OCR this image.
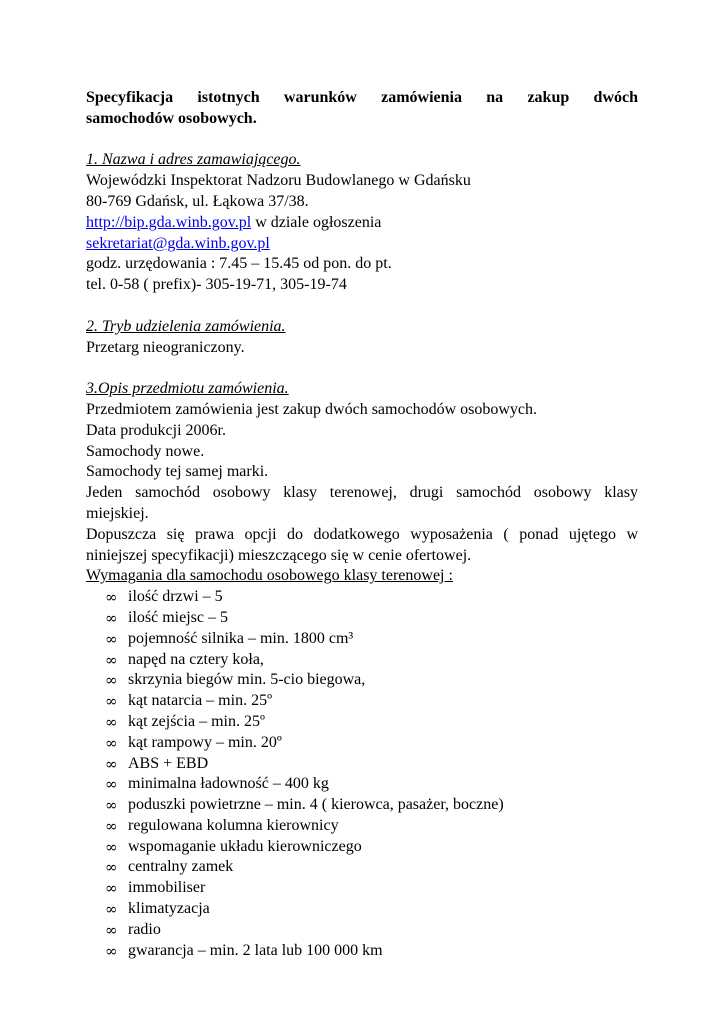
Specyfikacja istotnych warunków zamówienia na zakup dwóch
samochodów osobowych.
1. Nazwa i adres zamawiającego.
Wojewódzki Inspektorat Nadzoru Budowlanego w Gdańsku
80-769 Gdańsk, ul. Łąkowa 37/38.
http://bip.gda.winb.gov.pl w dziale ogłoszenia
sekretariat@gda.winb.gov.pl
godz. urzędowania : 7.45 – 15.45 od pon. do pt.
tel. 0-58 ( prefix)- 305-19-71, 305-19-74
2. Tryb udzielenia zamówienia.
Przetarg nieograniczony.
3.Opis przedmiotu zamówienia.
Przedmiotem zamówienia jest zakup dwóch samochodów osobowych.
Data produkcji 2006r.
Samochody nowe.
Samochody tej samej marki.
Jeden samochód osobowy klasy terenowej, drugi samochód osobowy klasy
miejskiej.
Dopuszcza się prawa opcji do dodatkowego wyposażenia ( ponad ujętego w
niniejszej specyfikacji) mieszczącego się w cenie ofertowej.
Wymagania dla samochodu osobowego klasy terenowej :
∞ ilość drzwi – 5
∞ ilość miejsc – 5
∞ pojemność silnika – min. 1800 cm³
∞ napęd na cztery koła,
∞ skrzynia biegów min. 5-cio biegowa,
∞ kąt natarcia – min. 25º
∞ kąt zejścia – min. 25º
∞ kąt rampowy – min. 20º
∞ ABS + EBD
∞ minimalna ładowność – 400 kg
∞ poduszki powietrzne – min. 4 ( kierowca, pasażer, boczne)
∞ regulowana kolumna kierownicy
∞ wspomaganie układu kierowniczego
∞ centralny zamek
∞ immobiliser
∞ klimatyzacja
∞ radio
∞ gwarancja – min. 2 lata lub 100 000 km
